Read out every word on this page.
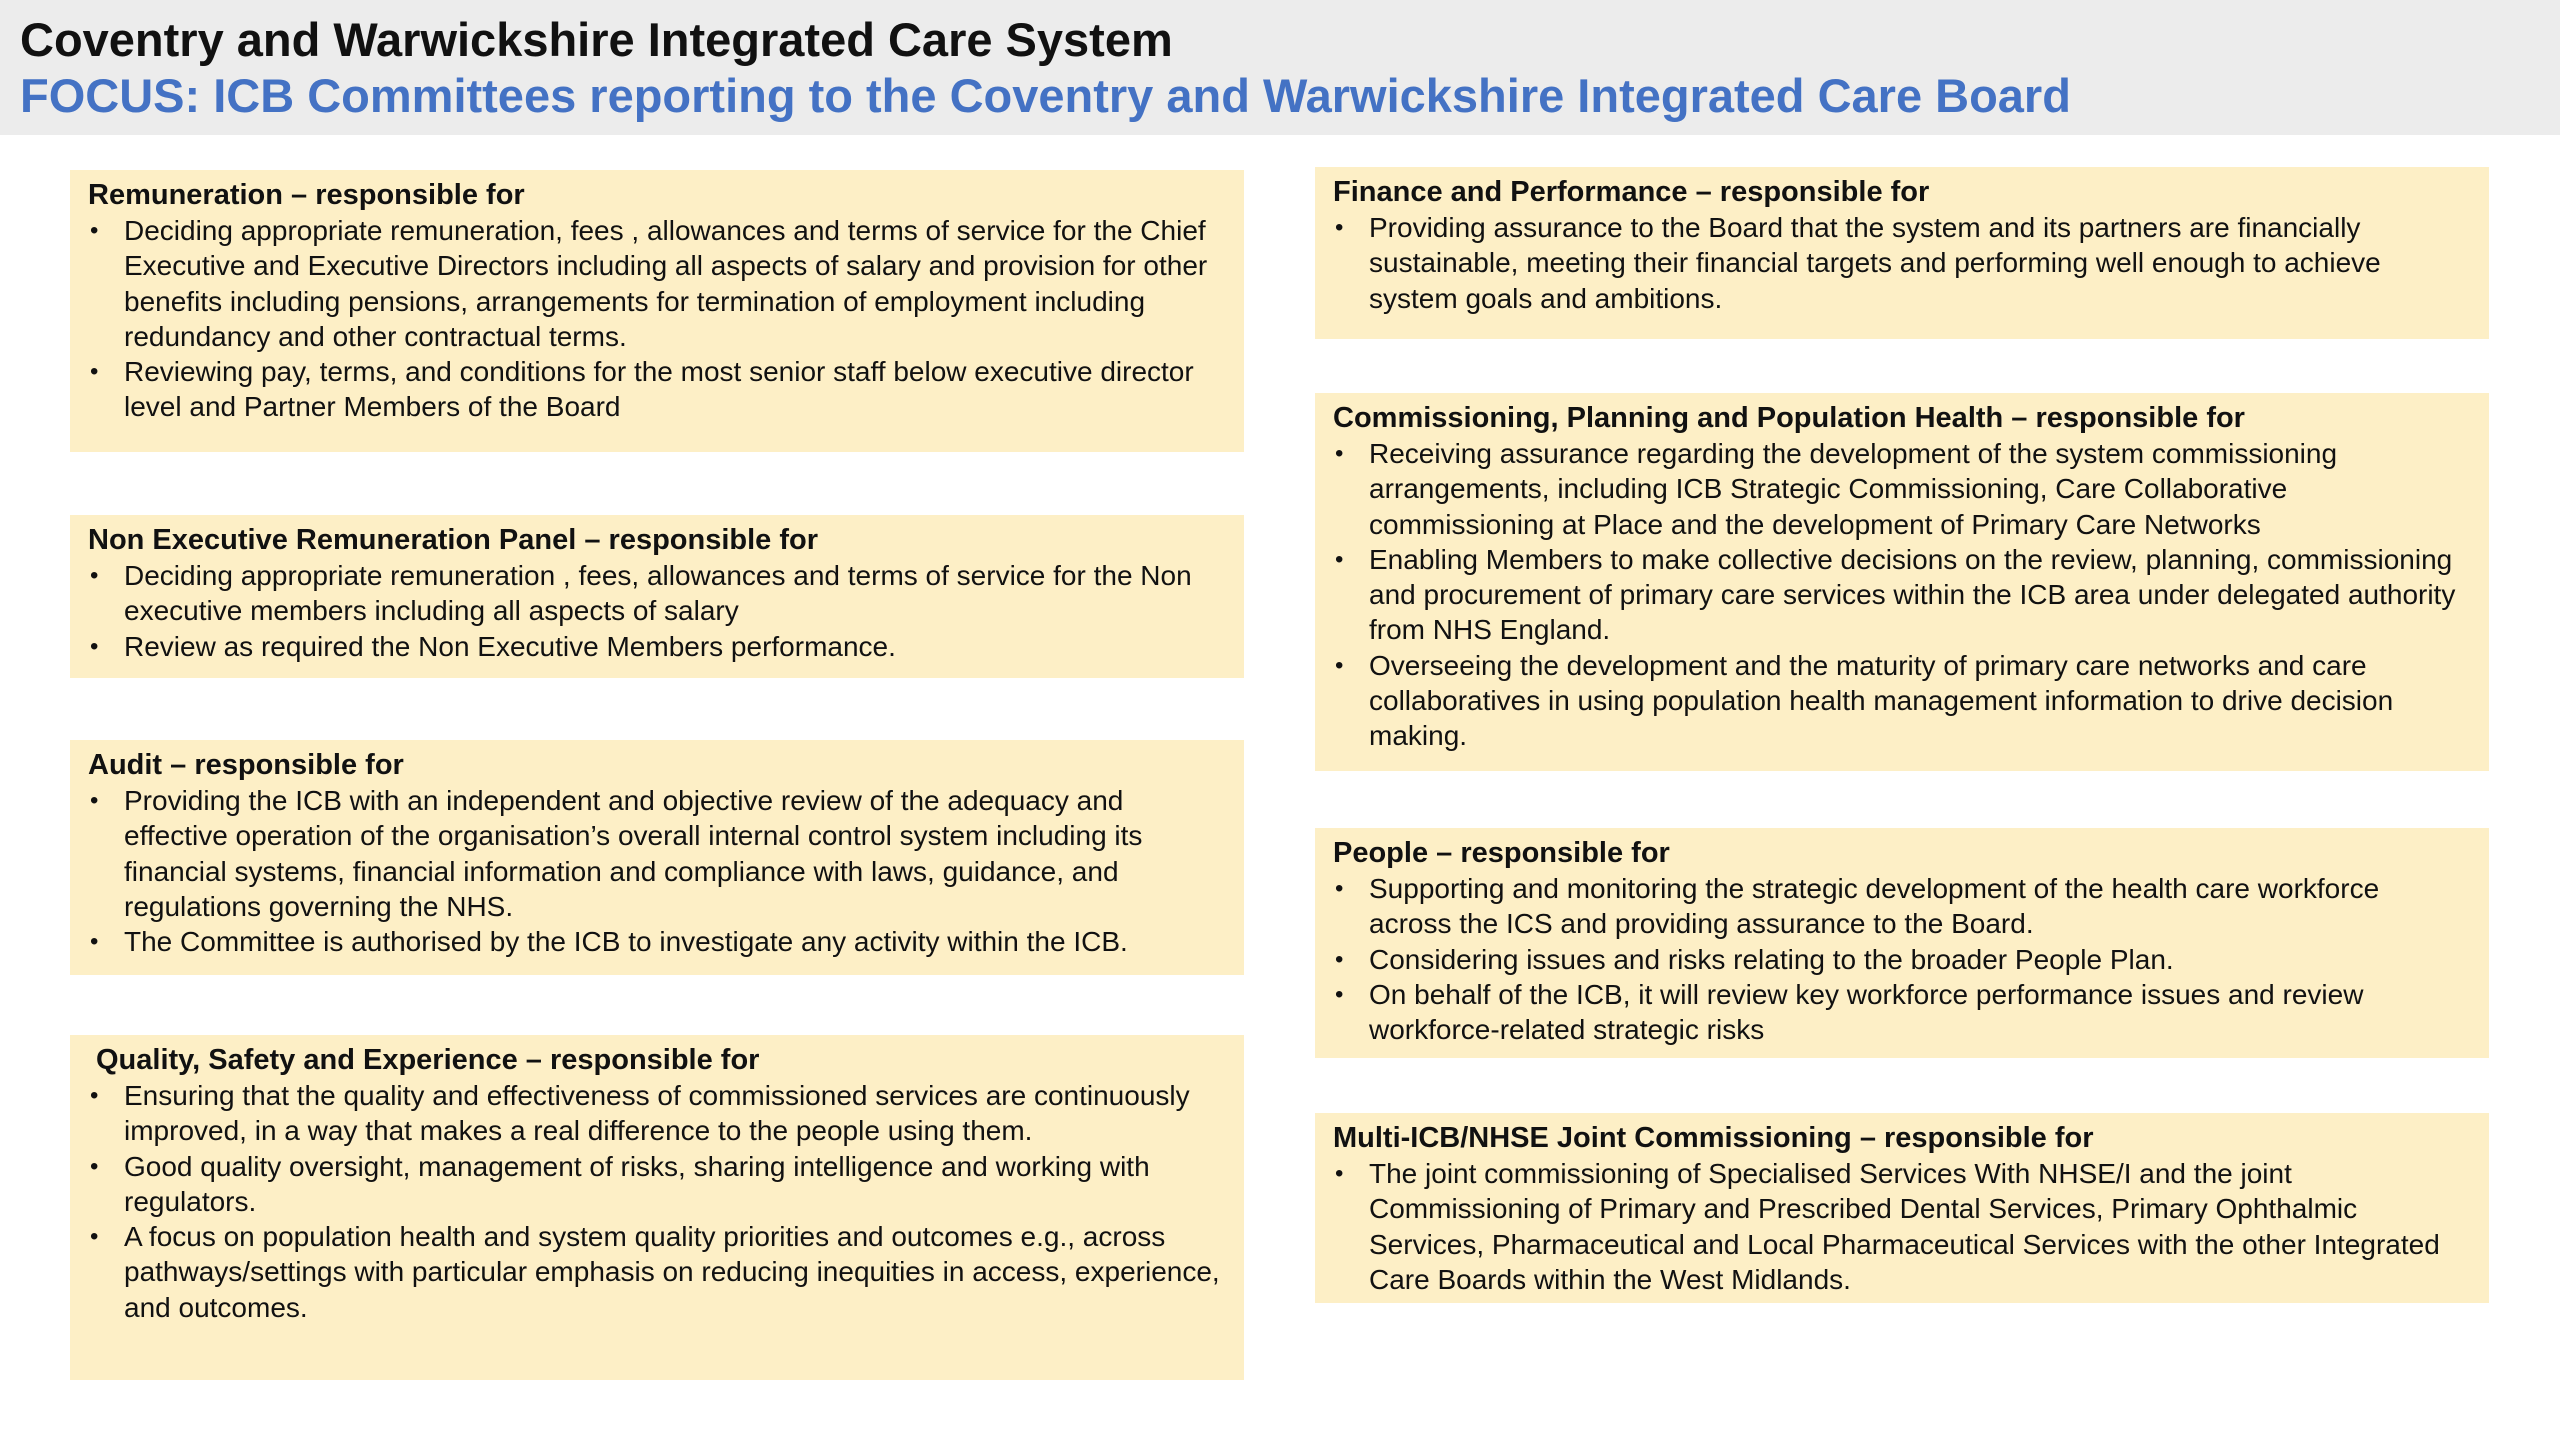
Coventry and Warwickshire Integrated Care System
FOCUS: ICB Committees reporting to the Coventry and Warwickshire Integrated Care Board
Remuneration – responsible for
• Deciding appropriate remuneration, fees , allowances and terms of service for the Chief Executive and Executive Directors including all aspects of salary and provision for other benefits including pensions, arrangements for termination of employment including redundancy and other contractual terms.
• Reviewing pay, terms, and conditions for the most senior staff below executive director level and Partner Members of the Board
Non Executive Remuneration Panel – responsible for
• Deciding appropriate remuneration , fees, allowances and terms of service for the Non executive members including all aspects of salary
• Review as required the Non Executive Members performance.
Audit – responsible for
• Providing the ICB with an independent and objective review of the adequacy and effective operation of the organisation’s overall internal control system including its financial systems, financial information and compliance with laws, guidance, and regulations governing the NHS.
• The Committee is authorised by the ICB to investigate any activity within the ICB.
Quality, Safety and Experience – responsible for
• Ensuring that the quality and effectiveness of commissioned services are continuously improved, in a way that makes a real difference to the people using them.
• Good quality oversight, management of risks, sharing intelligence and working with regulators.
• A focus on population health and system quality priorities and outcomes e.g., across pathways/settings with particular emphasis on reducing inequities in access, experience, and outcomes.
Finance and Performance – responsible for
• Providing assurance to the Board that the system and its partners are financially sustainable, meeting their financial targets and performing well enough to achieve system goals and ambitions.
Commissioning, Planning and Population Health – responsible for
• Receiving assurance regarding the development of the system commissioning arrangements, including ICB Strategic Commissioning, Care Collaborative commissioning at Place and the development of Primary Care Networks
• Enabling Members to make collective decisions on the review, planning, commissioning and procurement of primary care services within the ICB area under delegated authority from NHS England.
• Overseeing the development and the maturity of primary care networks and care collaboratives in using population health management information to drive decision making.
People – responsible for
• Supporting and monitoring the strategic development of the health care workforce across the ICS and providing assurance to the Board.
• Considering issues and risks relating to the broader People Plan.
• On behalf of the ICB, it will review key workforce performance issues and review workforce-related strategic risks
Multi-ICB/NHSE Joint Commissioning – responsible for
• The joint commissioning of Specialised Services With NHSE/I and the joint Commissioning of Primary and Prescribed Dental Services, Primary Ophthalmic Services, Pharmaceutical and Local Pharmaceutical Services with the other Integrated Care Boards within the West Midlands.
